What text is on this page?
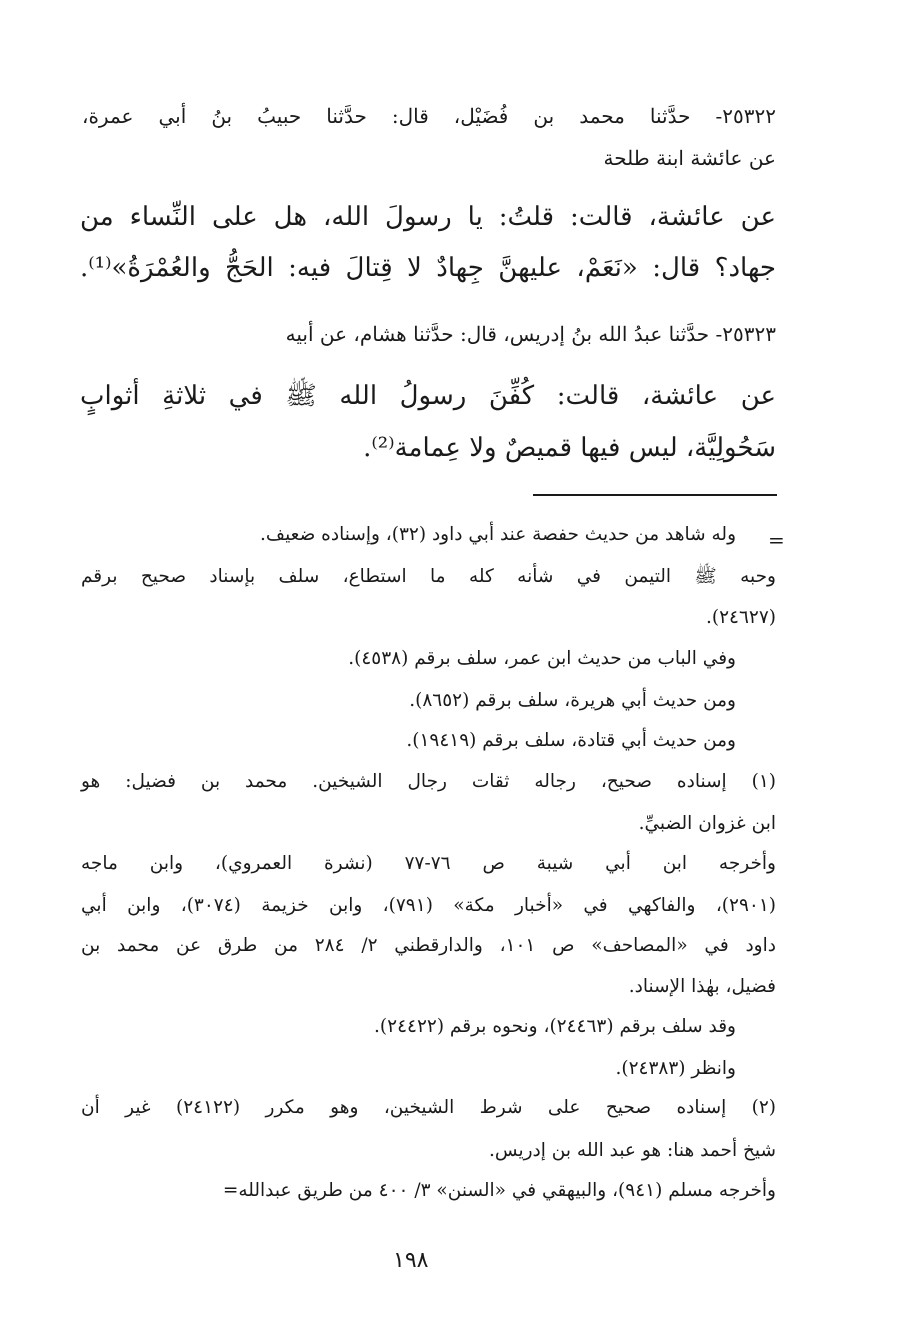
٢٥٣٢٢- حدَّثنا محمد بن فُضَيْل، قال: حدَّثنا حبيبُ بنُ أبي عمرة،
عن عائشة ابنة طلحة
عن عائشة، قالت: قلتُ: يا رسولَ الله، هل على النِّساء من
جهاد؟ قال: «نَعَمْ، عليهنَّ جِهادٌ لا قِتالَ فيه: الحَجُّ والعُمْرَةُ»⁽¹⁾.
٢٥٣٢٣- حدَّثنا عبدُ الله بنُ إدريس، قال: حدَّثنا هشام، عن أبيه
عن عائشة، قالت: كُفِّنَ رسولُ الله ﷺ في ثلاثةِ أثوابٍ
سَحُولِيَّة، ليس فيها قميصٌ ولا عِمامة⁽²⁾.
=
وله شاهد من حديث حفصة عند أبي داود (٣٢)، وإسناده ضعيف.
وحبه ﷺ التيمن في شأنه كله ما استطاع، سلف بإسناد صحيح برقم
(٢٤٦٢٧).
وفي الباب من حديث ابن عمر، سلف برقم (٤٥٣٨).
ومن حديث أبي هريرة، سلف برقم (٨٦٥٢).
ومن حديث أبي قتادة، سلف برقم (١٩٤١٩).
(١) إسناده صحيح، رجاله ثقات رجال الشيخين. محمد بن فضيل: هو
ابن غزوان الضبيِّ.
وأخرجه ابن أبي شيبة ص ٧٦-٧٧ (نشرة العمروي)، وابن ماجه
(٢٩٠١)، والفاكهي في «أخبار مكة» (٧٩١)، وابن خزيمة (٣٠٧٤)، وابن أبي
داود في «المصاحف» ص ١٠١، والدارقطني ٢/ ٢٨٤ من طرق عن محمد بن
فضيل، بهٰذا الإسناد.
وقد سلف برقم (٢٤٤٦٣)، ونحوه برقم (٢٤٤٢٢).
وانظر (٢٤٣٨٣).
(٢) إسناده صحيح على شرط الشيخين، وهو مكرر (٢٤١٢٢) غير أن
شيخ أحمد هنا: هو عبد الله بن إدريس.
وأخرجه مسلم (٩٤١)، والبيهقي في «السنن» ٣/ ٤٠٠ من طريق عبدالله=
١٩٨
